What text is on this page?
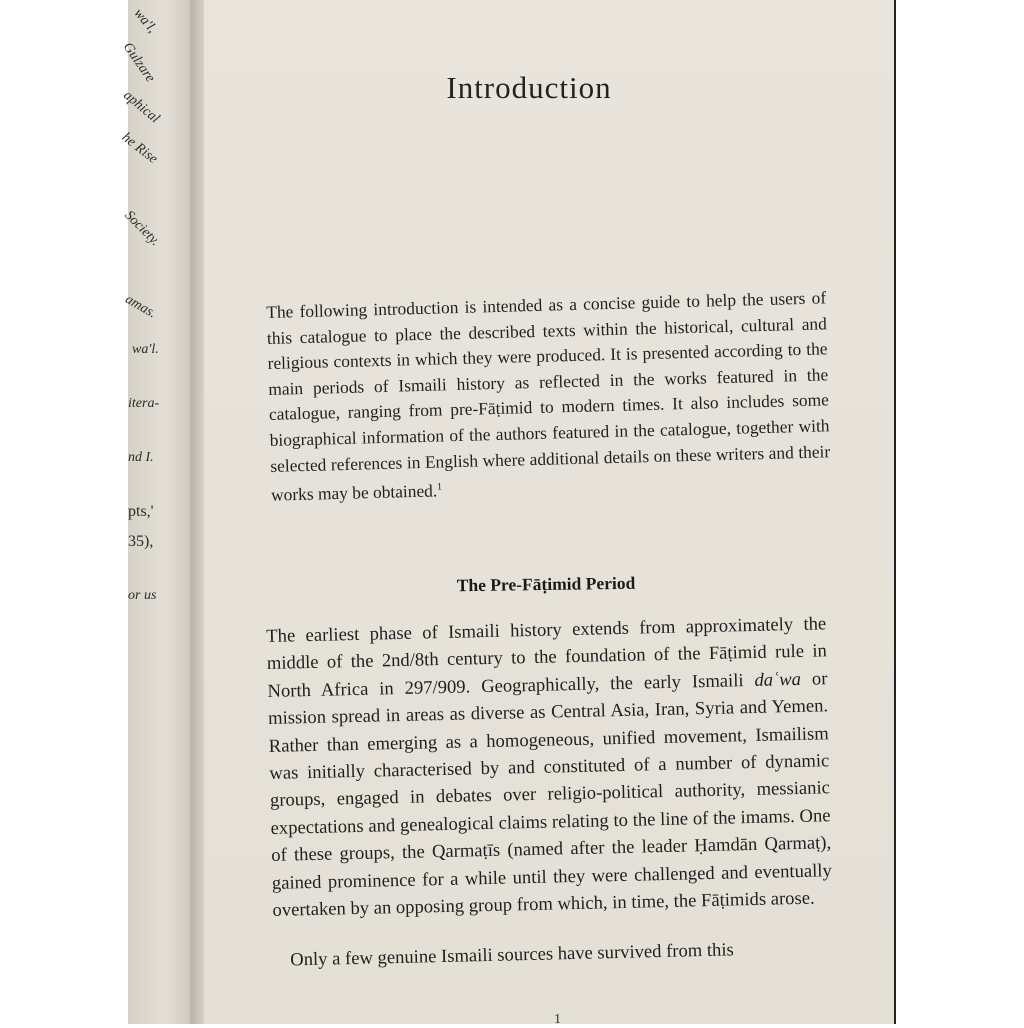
wa'l,
Gulzare
aphical
he Rise
Society.
amas.
wa'l.
itera-
nd I.
pts,'
35),
or us
Introduction

The following introduction is intended as a concise guide to help the users of this catalogue to place the described texts within the historical, cultural and religious contexts in which they were produced. It is presented according to the main periods of Ismaili history as reflected in the works featured in the catalogue, ranging from pre-Fāṭimid to modern times. It also includes some biographical information of the authors featured in the catalogue, together with selected references in English where additional details on these writers and their works may be obtained.$^1$

The Pre-Fāṭimid Period

The earliest phase of Ismaili history extends from approximately the middle of the 2nd/8th century to the foundation of the Fāṭimid rule in North Africa in 297/909. Geographically, the early Ismaili daʿwa or mission spread in areas as diverse as Central Asia, Iran, Syria and Yemen. Rather than emerging as a homogeneous, unified movement, Ismailism was initially characterised by and constituted of a number of dynamic groups, engaged in debates over religio-political authority, messianic expectations and genealogical claims relating to the line of the imams. One of these groups, the Qarmaṭīs (named after the leader Ḥamdān Qarmaṭ), gained prominence for a while until they were challenged and eventually overtaken by an opposing group from which, in time, the Fāṭimids arose.

Only a few genuine Ismaili sources have survived from this

1
